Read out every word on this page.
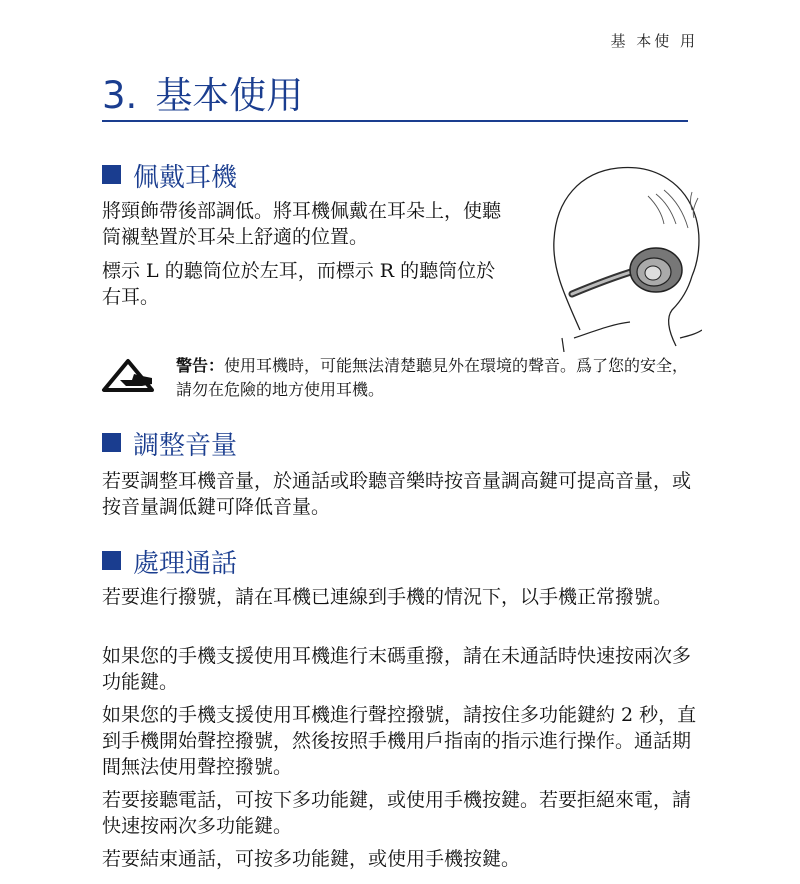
基 本使 用
3. 基本使用
佩戴耳機

將頸飾帶後部調低。將耳機佩戴在耳朵上，使聽筒襯墊置於耳朵上舒適的位置。

標示 L 的聽筒位於左耳，而標示 R 的聽筒位於右耳。

警告：使用耳機時，可能無法清楚聽見外在環境的聲音。爲了您的安全，請勿在危險的地方使用耳機。
調整音量

若要調整耳機音量，於通話或聆聽音樂時按音量調高鍵可提高音量，或按音量調低鍵可降低音量。

處理通話

若要進行撥號，請在耳機已連線到手機的情況下，以手機正常撥號。

如果您的手機支援使用耳機進行末碼重撥，請在未通話時快速按兩次多功能鍵。

如果您的手機支援使用耳機進行聲控撥號，請按住多功能鍵約 2 秒，直到手機開始聲控撥號，然後按照手機用戶指南的指示進行操作。通話期間無法使用聲控撥號。

若要接聽電話，可按下多功能鍵，或使用手機按鍵。若要拒絕來電，請快速按兩次多功能鍵。

若要結束通話，可按多功能鍵，或使用手機按鍵。
